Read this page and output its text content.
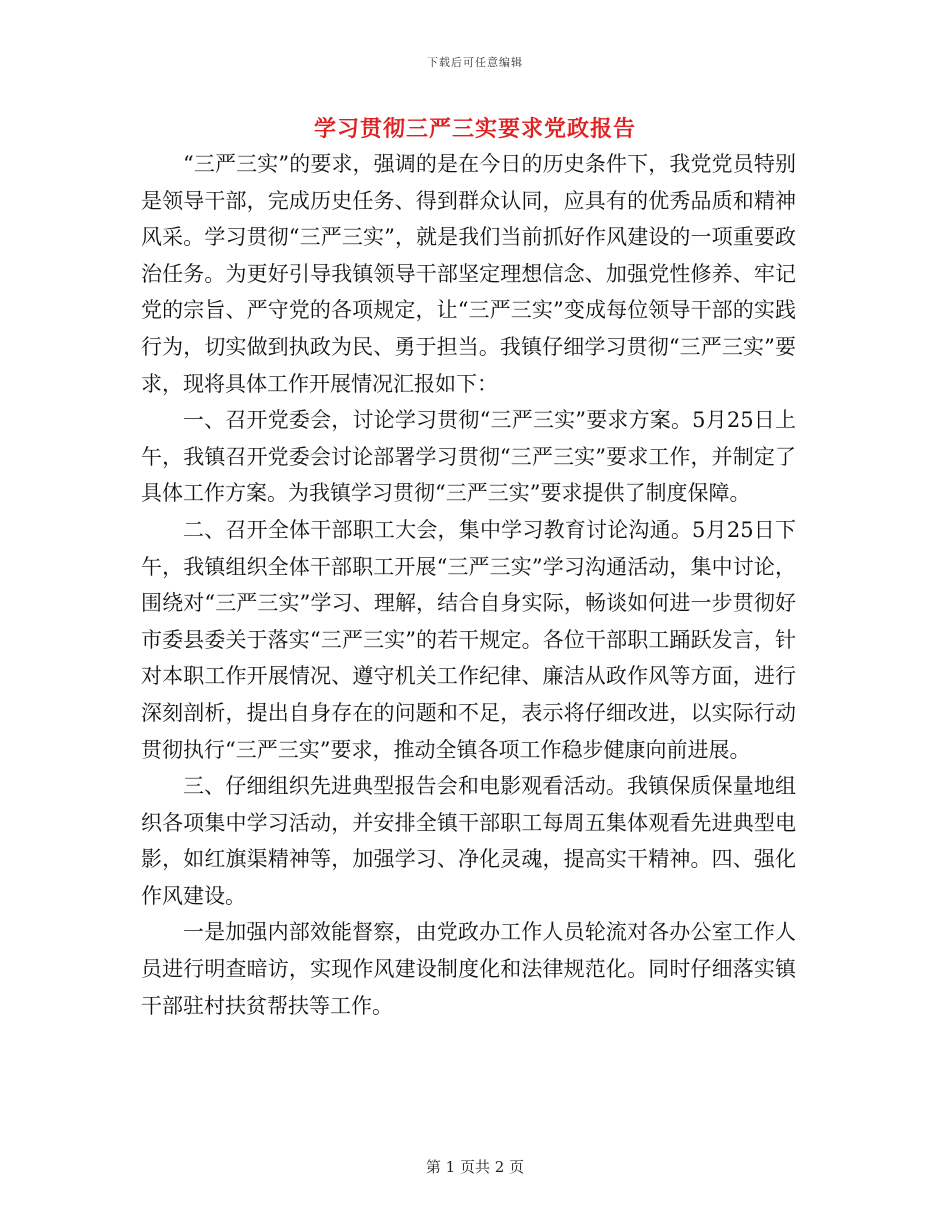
下载后可任意编辑
学习贯彻三严三实要求党政报告

“三严三实”的要求，强调的是在今日的历史条件下，我党党员特别是领导干部，完成历史任务、得到群众认同，应具有的优秀品质和精神风采。学习贯彻“三严三实”，就是我们当前抓好作风建设的一项重要政治任务。为更好引导我镇领导干部坚定理想信念、加强党性修养、牢记党的宗旨、严守党的各项规定，让“三严三实”变成每位领导干部的实践行为，切实做到执政为民、勇于担当。我镇仔细学习贯彻“三严三实”要求，现将具体工作开展情况汇报如下：

一、召开党委会，讨论学习贯彻“三严三实”要求方案。5月25日上午，我镇召开党委会讨论部署学习贯彻“三严三实”要求工作，并制定了具体工作方案。为我镇学习贯彻“三严三实”要求提供了制度保障。

二、召开全体干部职工大会，集中学习教育讨论沟通。5月25日下午，我镇组织全体干部职工开展“三严三实”学习沟通活动，集中讨论，围绕对“三严三实”学习、理解，结合自身实际，畅谈如何进一步贯彻好市委县委关于落实“三严三实”的若干规定。各位干部职工踊跃发言，针对本职工作开展情况、遵守机关工作纪律、廉洁从政作风等方面，进行深刻剖析，提出自身存在的问题和不足，表示将仔细改进，以实际行动贯彻执行“三严三实”要求，推动全镇各项工作稳步健康向前进展。

三、仔细组织先进典型报告会和电影观看活动。我镇保质保量地组织各项集中学习活动，并安排全镇干部职工每周五集体观看先进典型电影，如红旗渠精神等，加强学习、净化灵魂，提高实干精神。四、强化作风建设。

一是加强内部效能督察，由党政办工作人员轮流对各办公室工作人员进行明查暗访，实现作风建设制度化和法律规范化。同时仔细落实镇干部驻村扶贫帮扶等工作。

第 1 页共 2 页
